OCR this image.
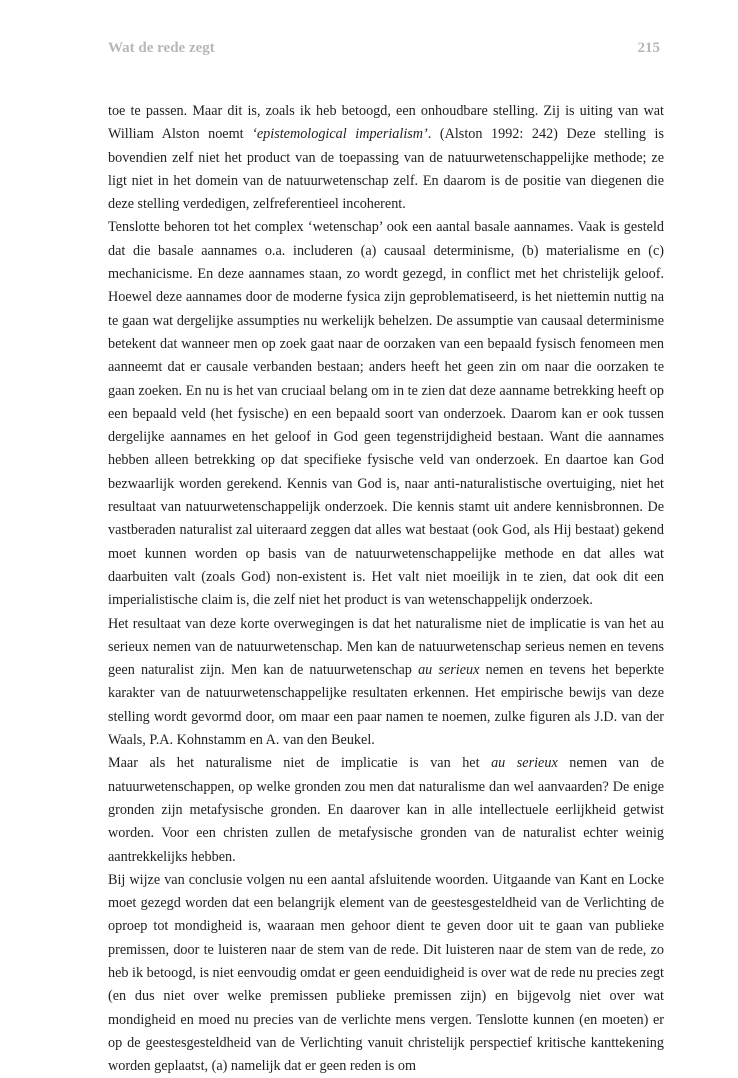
Wat de rede zegt	215

toe te passen. Maar dit is, zoals ik heb betoogd, een onhoudbare stelling. Zij is uiting van wat William Alston noemt ‘epistemological imperialism’. (Alston 1992: 242) Deze stelling is bovendien zelf niet het product van de toepassing van de natuurwetenschappelijke methode; ze ligt niet in het domein van de natuurwetenschap zelf. En daarom is de positie van diegenen die deze stelling verdedigen, zelfreferentieel incoherent.

Tenslotte behoren tot het complex ‘wetenschap’ ook een aantal basale aannames. Vaak is gesteld dat die basale aannames o.a. includeren (a) causaal determinisme, (b) materialisme en (c) mechanicisme. En deze aannames staan, zo wordt gezegd, in conflict met het christelijk geloof. Hoewel deze aannames door de moderne fysica zijn geproblematiseerd, is het niettemin nuttig na te gaan wat dergelijke assumpties nu werkelijk behelzen. De assumptie van causaal determinisme betekent dat wanneer men op zoek gaat naar de oorzaken van een bepaald fysisch fenomeen men aanneemt dat er causale verbanden bestaan; anders heeft het geen zin om naar die oorzaken te gaan zoeken. En nu is het van cruciaal belang om in te zien dat deze aanname betrekking heeft op een bepaald veld (het fysische) en een bepaald soort van onderzoek. Daarom kan er ook tussen dergelijke aannames en het geloof in God geen tegenstrijdigheid bestaan. Want die aannames hebben alleen betrekking op dat specifieke fysische veld van onderzoek. En daartoe kan God bezwaarlijk worden gerekend. Kennis van God is, naar anti-naturalistische overtuiging, niet het resultaat van natuurwetenschappelijk onderzoek. Die kennis stamt uit andere kennisbronnen. De vastberaden naturalist zal uiteraard zeggen dat alles wat bestaat (ook God, als Hij bestaat) gekend moet kunnen worden op basis van de natuurwetenschappelijke methode en dat alles wat daarbuiten valt (zoals God) non-existent is. Het valt niet moeilijk in te zien, dat ook dit een imperialistische claim is, die zelf niet het product is van wetenschappelijk onderzoek.

Het resultaat van deze korte overwegingen is dat het naturalisme niet de implicatie is van het au serieux nemen van de natuurwetenschap. Men kan de natuurwetenschap serieus nemen en tevens geen naturalist zijn. Men kan de natuurwetenschap au serieux nemen en tevens het beperkte karakter van de natuurwetenschappelijke resultaten erkennen. Het empirische bewijs van deze stelling wordt gevormd door, om maar een paar namen te noemen, zulke figuren als J.D. van der Waals, P.A. Kohnstamm en A. van den Beukel.

Maar als het naturalisme niet de implicatie is van het au serieux nemen van de natuurwetenschappen, op welke gronden zou men dat naturalisme dan wel aanvaarden? De enige gronden zijn metafysische gronden. En daarover kan in alle intellectuele eerlijkheid getwist worden. Voor een christen zullen de metafysische gronden van de naturalist echter weinig aantrekkelijks hebben.

Bij wijze van conclusie volgen nu een aantal afsluitende woorden. Uitgaande van Kant en Locke moet gezegd worden dat een belangrijk element van de geestesgesteldheid van de Verlichting de oproep tot mondigheid is, waaraan men gehoor dient te geven door uit te gaan van publieke premissen, door te luisteren naar de stem van de rede. Dit luisteren naar de stem van de rede, zo heb ik betoogd, is niet eenvoudig omdat er geen eenduidigheid is over wat de rede nu precies zegt (en dus niet over welke premissen publieke premissen zijn) en bijgevolg niet over wat mondigheid en moed nu precies van de verlichte mens vergen. Tenslotte kunnen (en moeten) er op de geestesgesteldheid van de Verlichting vanuit christelijk perspectief kritische kanttekening worden geplaatst, (a) namelijk dat er geen reden is om
